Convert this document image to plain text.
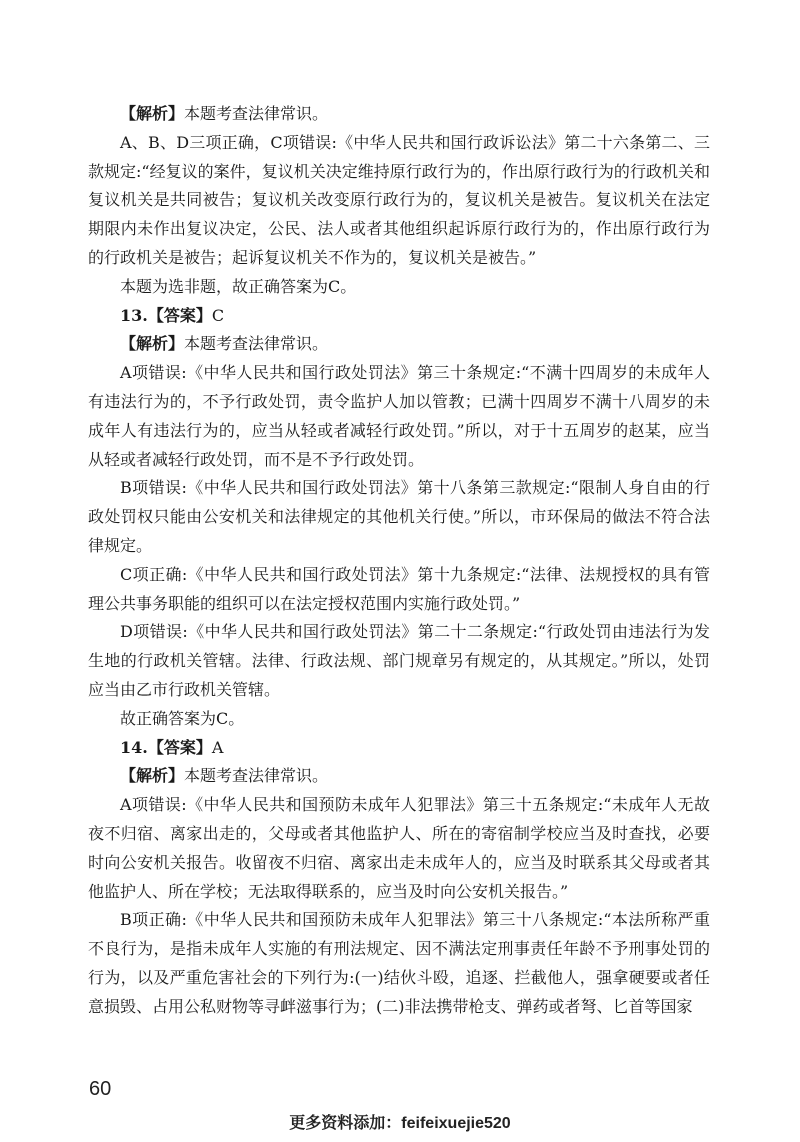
【解析】本题考查法律常识。

A、B、D三项正确，C项错误:《中华人民共和国行政诉讼法》第二十六条第二、三款规定:“经复议的案件，复议机关决定维持原行政行为的，作出原行政行为的行政机关和复议机关是共同被告；复议机关改变原行政行为的，复议机关是被告。复议机关在法定期限内未作出复议决定，公民、法人或者其他组织起诉原行政行为的，作出原行政行为的行政机关是被告；起诉复议机关不作为的，复议机关是被告。”

本题为选非题，故正确答案为C。

13.【答案】C

【解析】本题考查法律常识。

A项错误:《中华人民共和国行政处罚法》第三十条规定:“不满十四周岁的未成年人有违法行为的，不予行政处罚，责令监护人加以管教；已满十四周岁不满十八周岁的未成年人有违法行为的，应当从轻或者减轻行政处罚。”所以，对于十五周岁的赵某，应当从轻或者减轻行政处罚，而不是不予行政处罚。

B项错误:《中华人民共和国行政处罚法》第十八条第三款规定:“限制人身自由的行政处罚权只能由公安机关和法律规定的其他机关行使。”所以，市环保局的做法不符合法律规定。

C项正确:《中华人民共和国行政处罚法》第十九条规定:“法律、法规授权的具有管理公共事务职能的组织可以在法定授权范围内实施行政处罚。”

D项错误:《中华人民共和国行政处罚法》第二十二条规定:“行政处罚由违法行为发生地的行政机关管辖。法律、行政法规、部门规章另有规定的，从其规定。”所以，处罚应当由乙市行政机关管辖。

故正确答案为C。

14.【答案】A

【解析】本题考查法律常识。

A项错误:《中华人民共和国预防未成年人犯罪法》第三十五条规定:“未成年人无故夜不归宿、离家出走的，父母或者其他监护人、所在的寄宿制学校应当及时查找，必要时向公安机关报告。收留夜不归宿、离家出走未成年人的，应当及时联系其父母或者其他监护人、所在学校；无法取得联系的，应当及时向公安机关报告。”

B项正确:《中华人民共和国预防未成年人犯罪法》第三十八条规定:“本法所称严重不良行为，是指未成年人实施的有刑法规定、因不满法定刑事责任年龄不予刑事处罚的行为，以及严重危害社会的下列行为:(一)结伙斗殴，追逐、拦截他人，强拿硬要或者任意损毁、占用公私财物等寻衅滋事行为；(二)非法携带枪支、弹药或者弩、匕首等国家

60
更多资料添加：feifeixuejie520
